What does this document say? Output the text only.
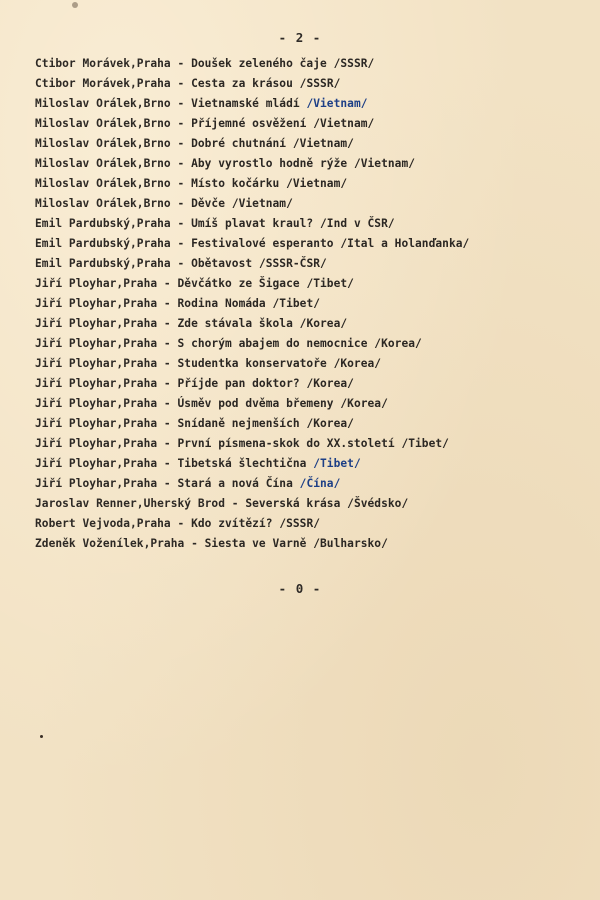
- 2 -
Ctibor Morávek,Praha - Doušek zeleného čaje /SSSR/
Ctibor Morávek,Praha - Cesta za krásou /SSSR/
Miloslav Orálek,Brno - Vietnamské mládí /Vietnam/
Miloslav Orálek,Brno - Příjemné osvěžení /Vietnam/
Miloslav Orálek,Brno - Dobré chutnání /Vietnam/
Miloslav Orálek,Brno - Aby vyrostlo hodně rýže /Vietnam/
Miloslav Orálek,Brno - Místo kočárku /Vietnam/
Miloslav Orálek,Brno - Děvče /Vietnam/
Emil Pardubský,Praha - Umíš plavat kraul? /Ind v ČSR/
Emil Pardubský,Praha - Festivalové esperanto /Ital a Holanďanka/
Emil Pardubský,Praha - Obětavost /SSSR-ČSR/
Jiří Ployhar,Praha - Děvčátko ze Šigace /Tibet/
Jiří Ployhar,Praha - Rodina Nomáda /Tibet/
Jiří Ployhar,Praha - Zde stávala škola /Korea/
Jiří Ployhar,Praha - S chorým abajem do nemocnice /Korea/
Jiří Ployhar,Praha - Studentka konservatoře /Korea/
Jiří Ployhar,Praha - Příjde pan doktor? /Korea/
Jiří Ployhar,Praha - Úsměv pod dvěma břemeny /Korea/
Jiří Ployhar,Praha - Snídaně nejmenších /Korea/
Jiří Ployhar,Praha - První písmena-skok do XX.století /Tibet/
Jiří Ployhar,Praha - Tibetská šlechtična /Tibet/
Jiří Ployhar,Praha - Stará a nová Čína /Čína/
Jaroslav Renner,Uherský Brod - Severská krása /Švédsko/
Robert Vejvoda,Praha - Kdo zvítězí? /SSSR/
Zdeněk Voženílek,Praha - Siesta ve Varně /Bulharsko/
- 0 -
